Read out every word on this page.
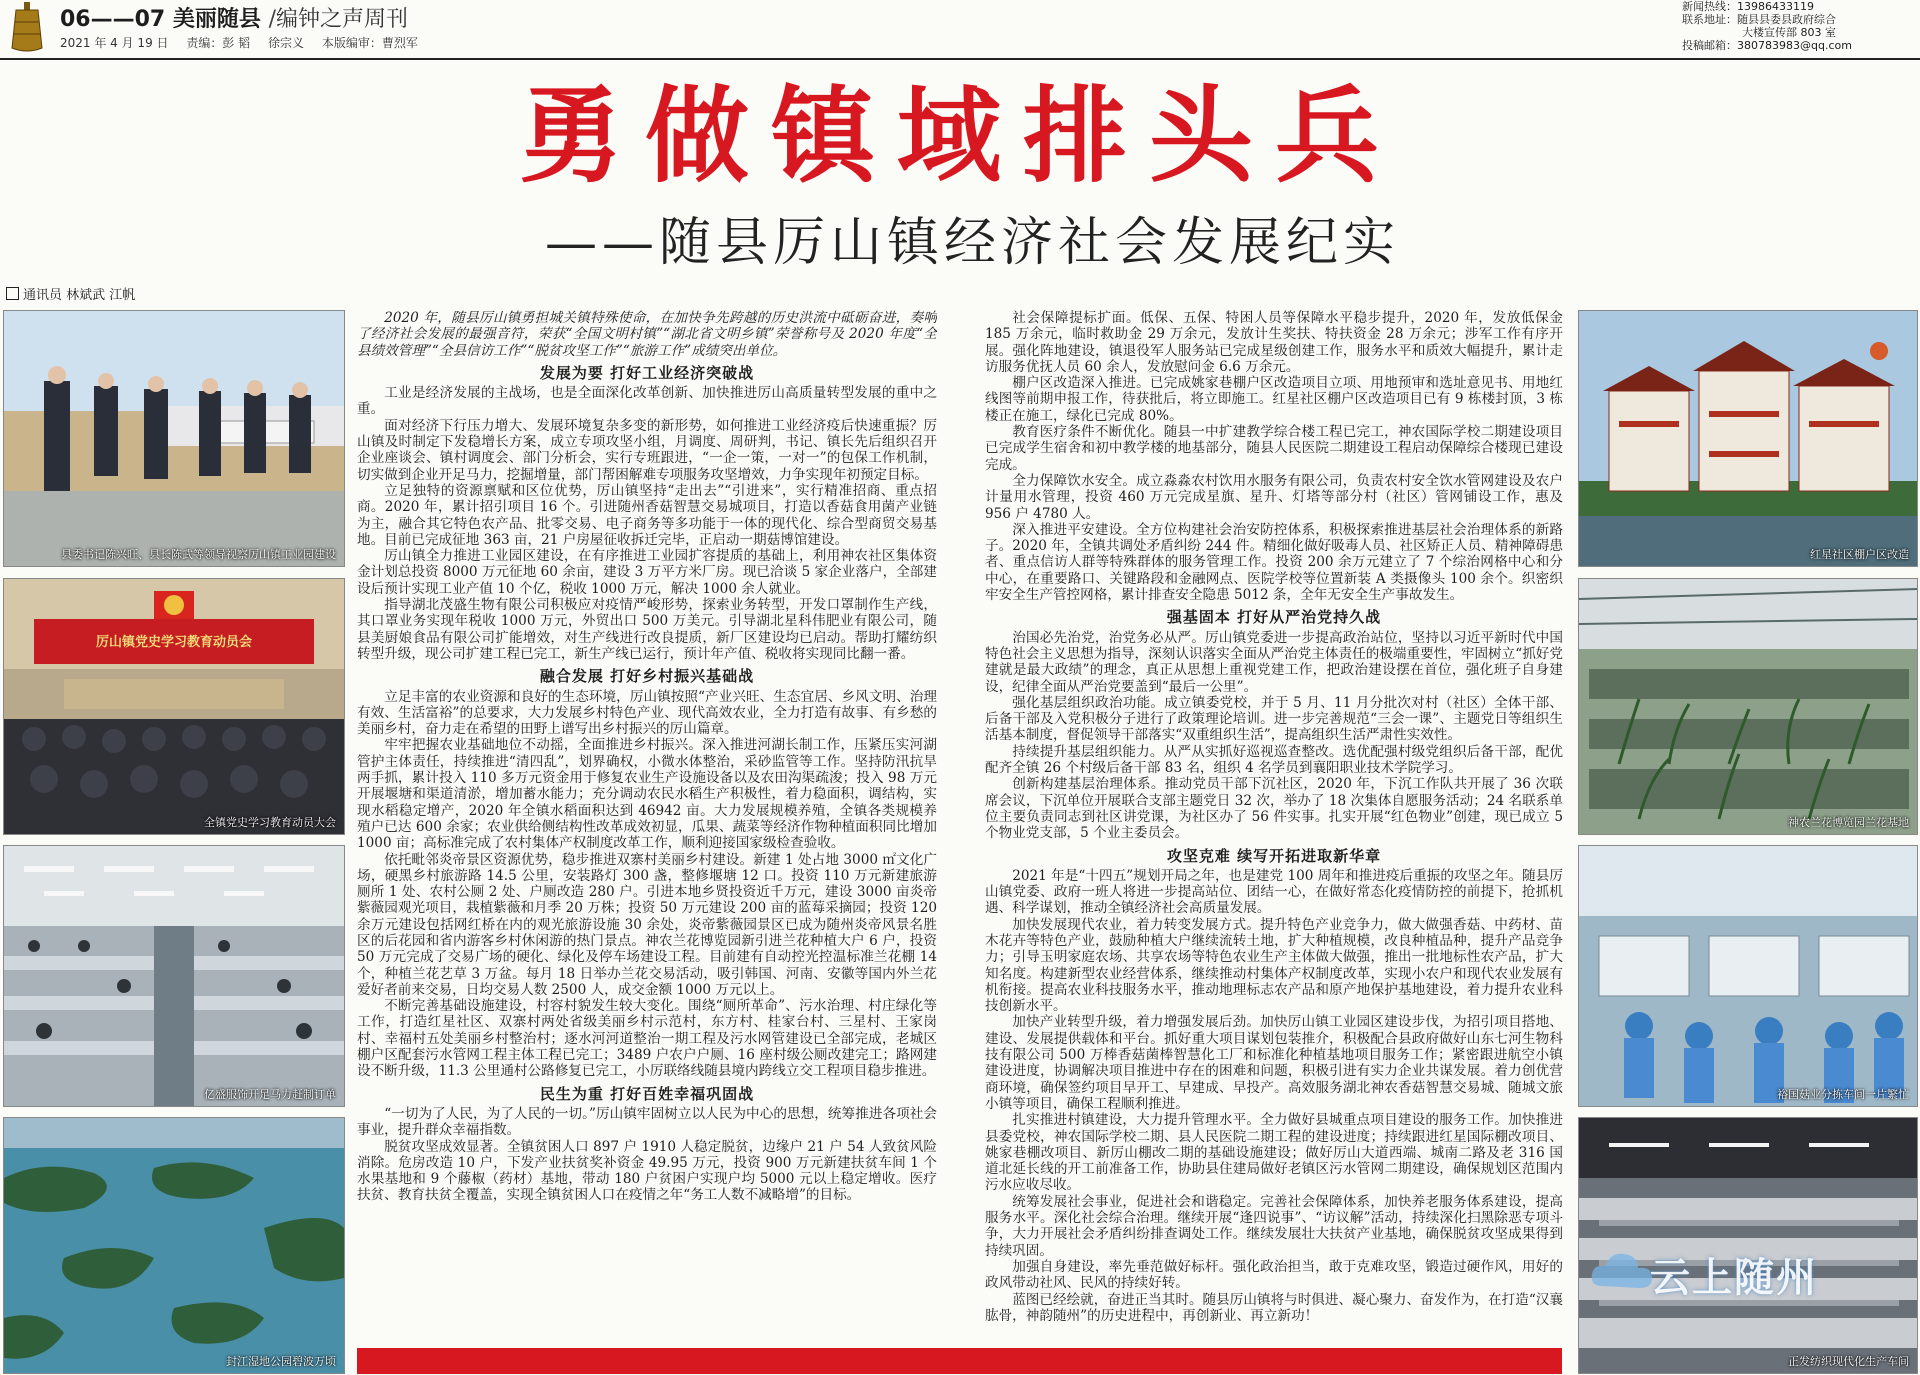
06——07 美丽随县 /编钟之声周刊
2021 年 4 月 19 日 责编：彭 韬 徐宗义 本版编审：曹烈军
新闻热线：13986433119
联系地址：随县县委县政府综合
大楼宣传部 803 室
投稿邮箱：380783983@qq.com
勇做镇域排头兵
——随县厉山镇经济社会发展纪实
通讯员 林斌武 江帆
县委书记陈兴旺、县长陈武等领导视察厉山镇工业园建设
厉山镇党史学习教育动员会
全镇党史学习教育动员大会
亿盛服饰开足马力赶制订单
封江湿地公园碧波万顷
红星社区棚户区改造
神农兰花博览园兰花基地
裕国菇业分拣车间一片繁忙
正发纺织现代化生产车间

2020 年，随县厉山镇勇担城关镇特殊使命，在加快争先跨越的历史洪流中砥砺奋进，奏响了经济社会发展的最强音符，荣获“全国文明村镇”“湖北省文明乡镇”荣誉称号及 2020 年度“全县绩效管理”“全县信访工作”“脱贫攻坚工作”“旅游工作”成绩突出单位。

发展为要 打好工业经济突破战

工业是经济发展的主战场，也是全面深化改革创新、加快推进厉山高质量转型发展的重中之重。

面对经济下行压力增大、发展环境复杂多变的新形势，如何推进工业经济疫后快速重振？厉山镇及时制定下发稳增长方案，成立专项攻坚小组，月调度、周研判，书记、镇长先后组织召开企业座谈会、镇村调度会、部门分析会，实行专班跟进，“一企一策，一对一”的包保工作机制，切实做到企业开足马力，挖掘增量，部门帮困解难专项服务攻坚增效，力争实现年初预定目标。

立足独特的资源禀赋和区位优势，厉山镇坚持“走出去”“引进来”，实行精准招商、重点招商。2020 年，累计招引项目 16 个。引进随州香菇智慧交易城项目，打造以香菇食用菌产业链为主，融合其它特色农产品、批零交易、电子商务等多功能于一体的现代化、综合型商贸交易基地。目前已完成征地 363 亩，21 户房屋征收拆迁完毕，正启动一期菇博馆建设。

厉山镇全力推进工业园区建设，在有序推进工业园扩容提质的基础上，利用神农社区集体资金计划总投资 8000 万元征地 60 余亩，建设 3 万平方米厂房。现已洽谈 5 家企业落户，全部建设后预计实现工业产值 10 个亿，税收 1000 万元，解决 1000 余人就业。

指导湖北茂盛生物有限公司积极应对疫情严峻形势，探索业务转型，开发口罩制作生产线，其口罩业务实现年税收 1000 万元，外贸出口 500 万美元。引导湖北星科伟肥业有限公司，随县美厨娘食品有限公司扩能增效，对生产线进行改良提质，新厂区建设均已启动。帮助打耀纺织转型升级，现公司扩建工程已完工，新生产线已运行，预计年产值、税收将实现同比翻一番。

融合发展 打好乡村振兴基础战

立足丰富的农业资源和良好的生态环境，厉山镇按照“产业兴旺、生态宜居、乡风文明、治理有效、生活富裕”的总要求，大力发展乡村特色产业、现代高效农业，全力打造有故事、有乡愁的美丽乡村，奋力走在希望的田野上谱写出乡村振兴的厉山篇章。

牢牢把握农业基础地位不动摇，全面推进乡村振兴。深入推进河湖长制工作，压紧压实河湖管护主体责任，持续推进“清四乱”，划界确权，小微水体整治，采砂监管等工作。坚持防汛抗旱两手抓，累计投入 110 多万元资金用于修复农业生产设施设备以及农田沟渠疏浚；投入 98 万元开展堰塘和渠道清淤，增加蓄水能力；充分调动农民水稻生产积极性，着力稳面积，调结构，实现水稻稳定增产，2020 年全镇水稻面积达到 46942 亩。大力发展规模养殖，全镇各类规模养殖户已达 600 余家；农业供给侧结构性改革成效初显，瓜果、蔬菜等经济作物种植面积同比增加 1000 亩；高标准完成了农村集体产权制度改革工作，顺利迎接国家级检查验收。

依托毗邻炎帝景区资源优势，稳步推进双寨村美丽乡村建设。新建 1 处占地 3000 ㎡文化广场，硬黑乡村旅游路 14.5 公里，安装路灯 300 盏，整修堰塘 12 口。投资 110 万元新建旅游厕所 1 处、农村公厕 2 处、户厕改造 280 户。引进本地乡贤投资近千万元，建设 3000 亩炎帝紫薇园观光项目，栽植紫薇和月季 20 万株；投资 50 万元建设 200 亩的蓝莓采摘园；投资 120 余万元建设包括网红桥在内的观光旅游设施 30 余处，炎帝紫薇园景区已成为随州炎帝风景名胜区的后花园和省内游客乡村休闲游的热门景点。神农兰花博览园新引进兰花种植大户 6 户，投资 50 万元完成了交易广场的硬化、绿化及停车场建设工程。目前建有自动控光控温标准兰花棚 14 个，种植兰花艺草 3 万盆。每月 18 日举办兰花交易活动，吸引韩国、河南、安徽等国内外兰花爱好者前来交易，日均交易人数 2500 人，成交金额 1000 万元以上。

不断完善基础设施建设，村容村貌发生较大变化。围绕“厕所革命”、污水治理、村庄绿化等工作，打造红星社区、双寨村两处省级美丽乡村示范村，东方村、桂家台村、三星村、王家岗村、幸福村五处美丽乡村整治村；逐水河河道整治一期工程及污水网管建设已全部完成，老城区棚户区配套污水管网工程主体工程已完工；3489 户农户户厕、16 座村级公厕改建完工；路网建设不断升级，11.3 公里通村公路修复已完工，小厉联络线随县境内跨线立交工程项目稳步推进。

民生为重 打好百姓幸福巩固战

“一切为了人民，为了人民的一切。”厉山镇牢固树立以人民为中心的思想，统筹推进各项社会事业，提升群众幸福指数。

脱贫攻坚成效显著。全镇贫困人口 897 户 1910 人稳定脱贫，边缘户 21 户 54 人致贫风险消除。危房改造 10 户，下发产业扶贫奖补资金 49.95 万元，投资 900 万元新建扶贫车间 1 个水果基地和 9 个藤椒（药材）基地，带动 180 户贫困户实现户均 5000 元以上稳定增收。医疗扶贫、教育扶贫全覆盖，实现全镇贫困人口在疫情之年“务工人数不减略增”的目标。

社会保障提标扩面。低保、五保、特困人员等保障水平稳步提升，2020 年，发放低保金 185 万余元，临时救助金 29 万余元，发放计生奖扶、特扶资金 28 万余元；涉军工作有序开展。强化阵地建设，镇退役军人服务站已完成星级创建工作，服务水平和质效大幅提升，累计走访服务优抚人员 60 余人，发放慰问金 6.6 万余元。

棚户区改造深入推进。已完成姚家巷棚户区改造项目立项、用地预审和选址意见书、用地红线图等前期申报工作，待获批后，将立即施工。红星社区棚户区改造项目已有 9 栋楼封顶，3 栋楼正在施工，绿化已完成 80%。

教育医疗条件不断优化。随县一中扩建教学综合楼工程已完工，神农国际学校二期建设项目已完成学生宿舍和初中教学楼的地基部分，随县人民医院二期建设工程启动保障综合楼现已建设完成。

全力保障饮水安全。成立淼淼农村饮用水服务有限公司，负责农村安全饮水管网建设及农户计量用水管理，投资 460 万元完成星旗、星升、灯塔等部分村（社区）管网铺设工作，惠及 956 户 4780 人。

深入推进平安建设。全方位构建社会治安防控体系，积极探索推进基层社会治理体系的新路子。2020 年，全镇共调处矛盾纠纷 244 件。精细化做好吸毒人员、社区矫正人员、精神障碍患者、重点信访人群等特殊群体的服务管理工作。投资 200 余万元建立了 7 个综治网格中心和分中心，在重要路口、关键路段和金融网点、医院学校等位置新装 A 类摄像头 100 余个。织密织牢安全生产管控网格，累计排查安全隐患 5012 条，全年无安全生产事故发生。

强基固本 打好从严治党持久战

治国必先治党，治党务必从严。厉山镇党委进一步提高政治站位，坚持以习近平新时代中国特色社会主义思想为指导，深刻认识落实全面从严治党主体责任的极端重要性，牢固树立“抓好党建就是最大政绩”的理念，真正从思想上重视党建工作，把政治建设摆在首位，强化班子自身建设，纪律全面从严治党要盖到“最后一公里”。

强化基层组织政治功能。成立镇委党校，并于 5 月、11 月分批次对村（社区）全体干部、后备干部及入党积极分子进行了政策理论培训。进一步完善规范“三会一课”、主题党日等组织生活基本制度，督促领导干部落实“双重组织生活”，提高组织生活严肃性实效性。

持续提升基层组织能力。从严从实抓好巡视巡查整改。选优配强村级党组织后备干部，配优配齐全镇 26 个村级后备干部 83 名，组织 4 名学员到襄阳职业技术学院学习。

创新构建基层治理体系。推动党员干部下沉社区，2020 年，下沉工作队共开展了 36 次联席会议，下沉单位开展联合支部主题党日 32 次，举办了 18 次集体自愿服务活动；24 名联系单位主要负责同志到社区讲党课，为社区办了 56 件实事。扎实开展“红色物业”创建，现已成立 5 个物业党支部，5 个业主委员会。

攻坚克难 续写开拓进取新华章

2021 年是“十四五”规划开局之年，也是建党 100 周年和推进疫后重振的攻坚之年。随县厉山镇党委、政府一班人将进一步提高站位、团结一心，在做好常态化疫情防控的前提下，抢抓机遇、科学谋划，推动全镇经济社会高质量发展。

加快发展现代农业，着力转变发展方式。提升特色产业竞争力，做大做强香菇、中药材、苗木花卉等特色产业，鼓励种植大户继续流转土地，扩大种植规模，改良种植品种，提升产品竞争力；引导玉明家庭农场、共享农场等特色农业生产主体做大做强，推出一批地标性农产品，扩大知名度。构建新型农业经营体系，继续推动村集体产权制度改革，实现小农户和现代农业发展有机衔接。提高农业科技服务水平，推动地理标志农产品和原产地保护基地建设，着力提升农业科技创新水平。

加快产业转型升级，着力增强发展后劲。加快厉山镇工业园区建设步伐，为招引项目搭地、建设、发展提供载体和平台。抓好重大项目谋划包装推介，积极配合县政府做好山东七河生物科技有限公司 500 万棒香菇菌棒智慧化工厂和标准化种植基地项目服务工作；紧密跟进航空小镇建设进度，协调解决项目推进中存在的困难和问题，积极引进有实力企业共谋发展。着力创优营商环境，确保签约项目早开工、早建成、早投产。高效服务湖北神农香菇智慧交易城、随城文旅小镇等项目，确保工程顺利推进。

扎实推进村镇建设，大力提升管理水平。全力做好县城重点项目建设的服务工作。加快推进县委党校，神农国际学校二期、县人民医院二期工程的建设进度；持续跟进红星国际棚改项目、姚家巷棚改项目、新厉山棚改二期的基础设施建设；做好厉山大道西端、城南二路及老 316 国道北延长线的开工前准备工作，协助县住建局做好老镇区污水管网二期建设，确保规划区范围内污水应收尽收。

统筹发展社会事业，促进社会和谐稳定。完善社会保障体系，加快养老服务体系建设，提高服务水平。深化社会综合治理。继续开展“逢四说事”、“访议解”活动，持续深化扫黑除恶专项斗争，大力开展社会矛盾纠纷排查调处工作。继续发展壮大扶贫产业基地，确保脱贫攻坚成果得到持续巩固。

加强自身建设，率先垂范做好标杆。强化政治担当，敢于克难攻坚，锻造过硬作风，用好的政风带动社风、民风的持续好转。

蓝图已经绘就，奋进正当其时。随县厉山镇将与时俱进、凝心聚力、奋发作为，在打造“汉襄肱骨，神韵随州”的历史进程中，再创新业、再立新功！

云上随州
